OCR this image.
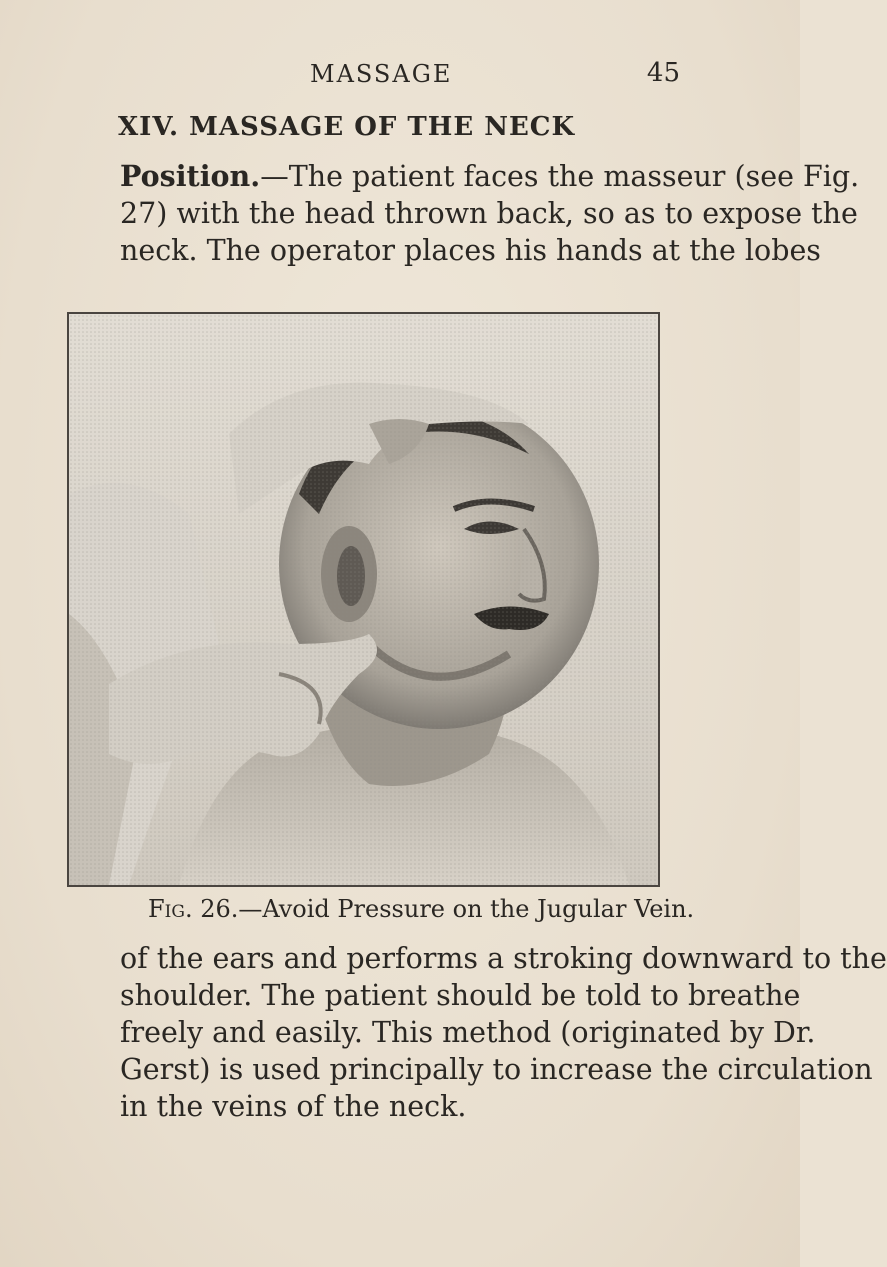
MASSAGE	45
XIV. MASSAGE OF THE NECK
Position.—The patient faces the masseur (see Fig.
27) with the head thrown back, so as to expose the
neck. The operator places his hands at the lobes
Fig. 26.—Avoid Pressure on the Jugular Vein.
of the ears and performs a stroking downward to the
shoulder. The patient should be told to breathe
freely and easily. This method (originated by Dr.
Gerst) is used principally to increase the circulation
in the veins of the neck.
